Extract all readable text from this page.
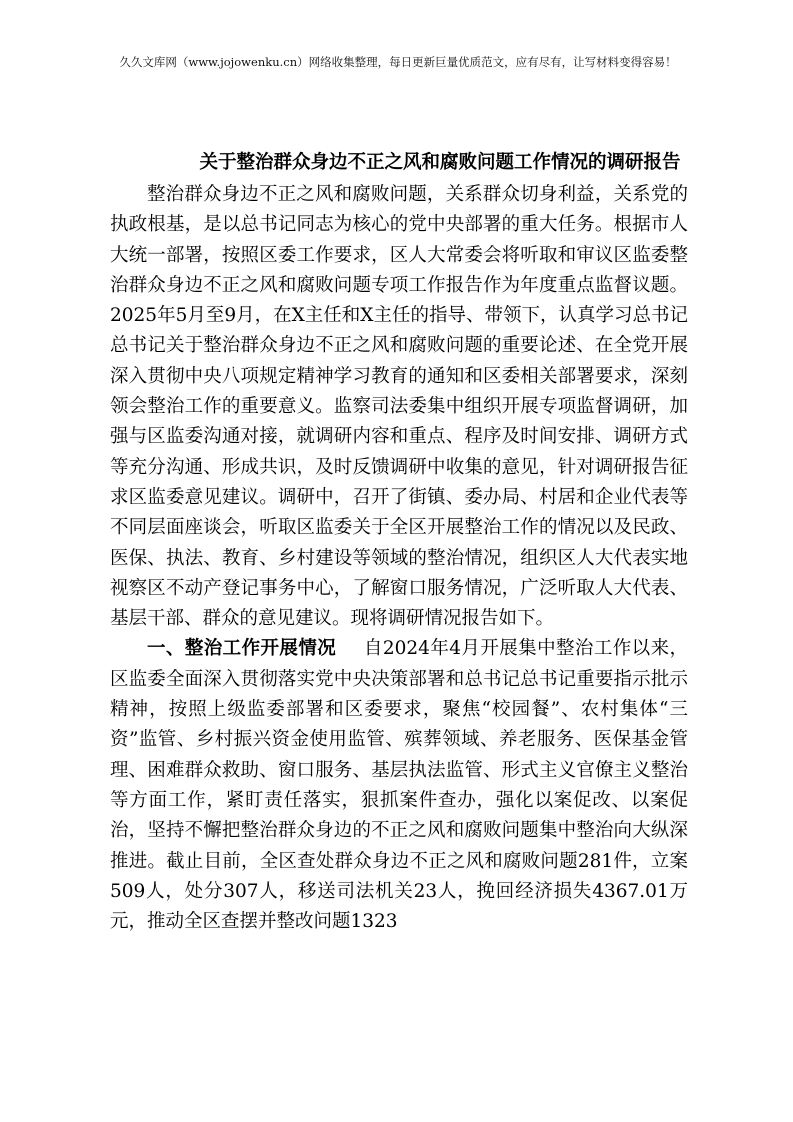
久久文库网（www.jojowenku.cn）网络收集整理，每日更新巨量优质范文，应有尽有，让写材料变得容易！
关于整治群众身边不正之风和腐败问题工作情况的调研报告

整治群众身边不正之风和腐败问题，关系群众切身利益，关系党的执政根基，是以总书记同志为核心的党中央部署的重大任务。根据市人大统一部署，按照区委工作要求，区人大常委会将听取和审议区监委整治群众身边不正之风和腐败问题专项工作报告作为年度重点监督议题。2025年5月至9月，在X主任和X主任的指导、带领下，认真学习总书记总书记关于整治群众身边不正之风和腐败问题的重要论述、在全党开展深入贯彻中央八项规定精神学习教育的通知和区委相关部署要求，深刻领会整治工作的重要意义。监察司法委集中组织开展专项监督调研，加强与区监委沟通对接，就调研内容和重点、程序及时间安排、调研方式等充分沟通、形成共识，及时反馈调研中收集的意见，针对调研报告征求区监委意见建议。调研中，召开了街镇、委办局、村居和企业代表等不同层面座谈会，听取区监委关于全区开展整治工作的情况以及民政、医保、执法、教育、乡村建设等领域的整治情况，组织区人大代表实地视察区不动产登记事务中心，了解窗口服务情况，广泛听取人大代表、基层干部、群众的意见建议。现将调研情况报告如下。

一、整治工作开展情况 自2024年4月开展集中整治工作以来，区监委全面深入贯彻落实党中央决策部署和总书记总书记重要指示批示精神，按照上级监委部署和区委要求，聚焦“校园餐”、农村集体“三资”监管、乡村振兴资金使用监管、殡葬领域、养老服务、医保基金管理、困难群众救助、窗口服务、基层执法监管、形式主义官僚主义整治等方面工作，紧盯责任落实，狠抓案件查办，强化以案促改、以案促治，坚持不懈把整治群众身边的不正之风和腐败问题集中整治向大纵深推进。截止目前，全区查处群众身边不正之风和腐败问题281件，立案509人，处分307人，移送司法机关23人，挽回经济损失4367.01万元，推动全区查摆并整改问题1323
